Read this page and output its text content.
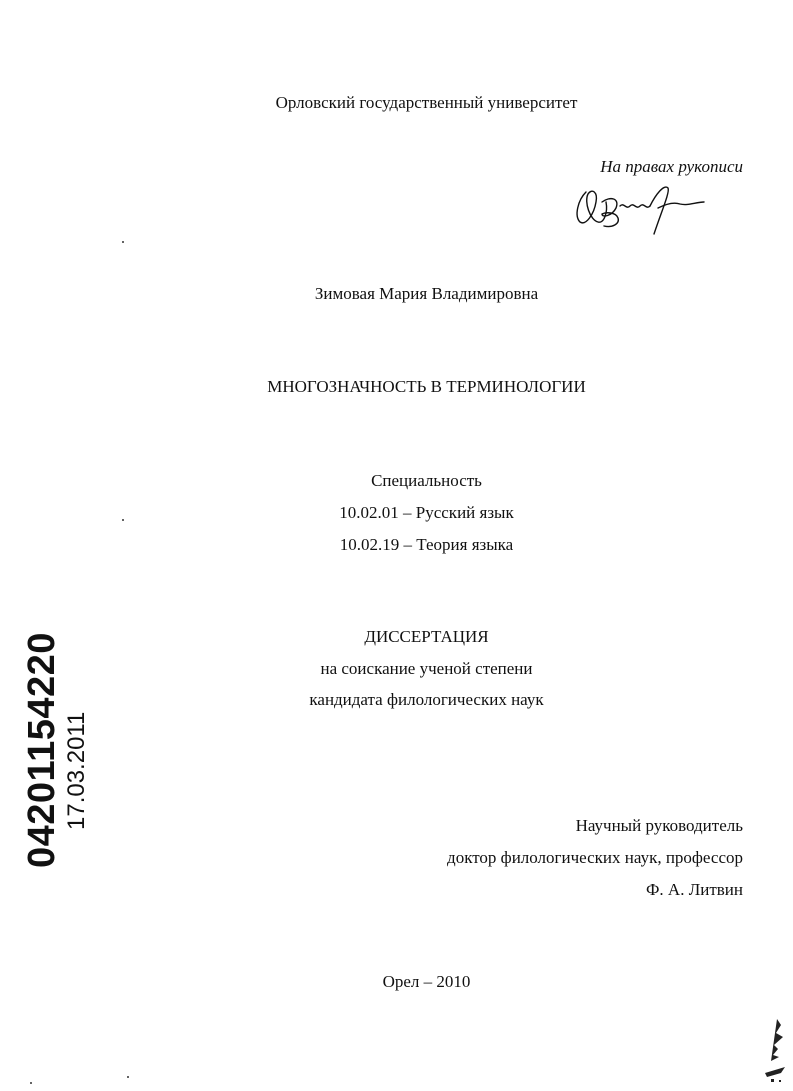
Орловский государственный университет
На правах рукописи
Зимовая Мария Владимировна
МНОГОЗНАЧНОСТЬ В ТЕРМИНОЛОГИИ
Специальность
10.02.01 – Русский язык
10.02.19 – Теория языка
ДИССЕРТАЦИЯ
на соискание ученой степени
кандидата филологических наук
Научный руководитель
доктор филологических наук, профессор
Ф. А. Литвин
Орел – 2010
04201154220 17.03.2011
